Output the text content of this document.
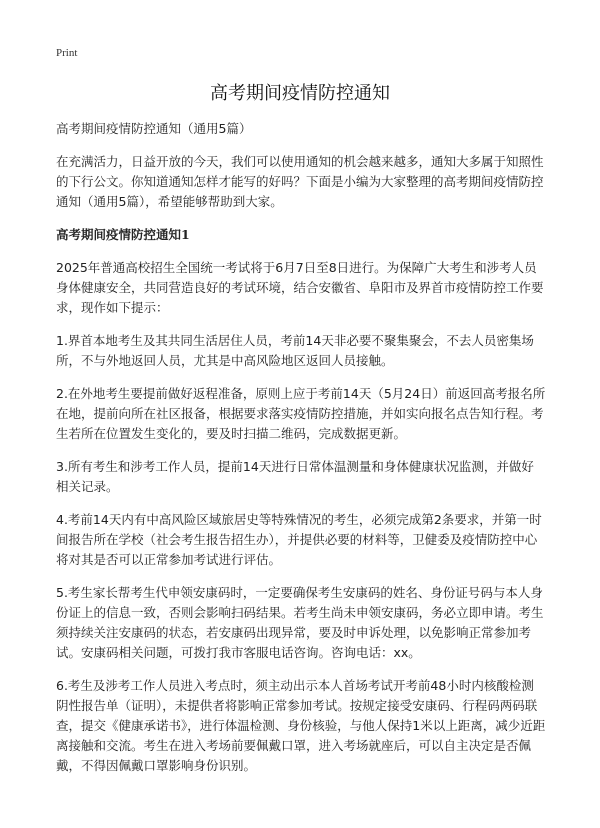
Print
高考期间疫情防控通知
高考期间疫情防控通知（通用5篇）

在充满活力，日益开放的今天，我们可以使用通知的机会越来越多，通知大多属于知照性的下行公文。你知道通知怎样才能写的好吗？下面是小编为大家整理的高考期间疫情防控通知（通用5篇），希望能够帮助到大家。

高考期间疫情防控通知1

2025年普通高校招生全国统一考试将于6月7日至8日进行。为保障广大考生和涉考人员身体健康安全，共同营造良好的考试环境，结合安徽省、阜阳市及界首市疫情防控工作要求，现作如下提示：

1.界首本地考生及其共同生活居住人员，考前14天非必要不聚集聚会，不去人员密集场所，不与外地返回人员，尤其是中高风险地区返回人员接触。

2.在外地考生要提前做好返程准备，原则上应于考前14天（5月24日）前返回高考报名所在地，提前向所在社区报备，根据要求落实疫情防控措施，并如实向报名点告知行程。考生若所在位置发生变化的，要及时扫描二维码，完成数据更新。

3.所有考生和涉考工作人员，提前14天进行日常体温测量和身体健康状况监测，并做好相关记录。

4.考前14天内有中高风险区域旅居史等特殊情况的考生，必须完成第2条要求，并第一时间报告所在学校（社会考生报告招生办），并提供必要的材料等，卫健委及疫情防控中心将对其是否可以正常参加考试进行评估。

5.考生家长帮考生代申领安康码时，一定要确保考生安康码的姓名、身份证号码与本人身份证上的信息一致，否则会影响扫码结果。若考生尚未申领安康码，务必立即申请。考生须持续关注安康码的状态，若安康码出现异常，要及时申诉处理，以免影响正常参加考试。安康码相关问题，可拨打我市客服电话咨询。咨询电话：xx。

6.考生及涉考工作人员进入考点时，须主动出示本人首场考试开考前48小时内核酸检测阴性报告单（证明），未提供者将影响正常参加考试。按规定接受安康码、行程码两码联查，提交《健康承诺书》，进行体温检测、身份核验，与他人保持1米以上距离，减少近距离接触和交流。考生在进入考场前要佩戴口罩，进入考场就座后，可以自主决定是否佩戴，不得因佩戴口罩影响身份识别。
